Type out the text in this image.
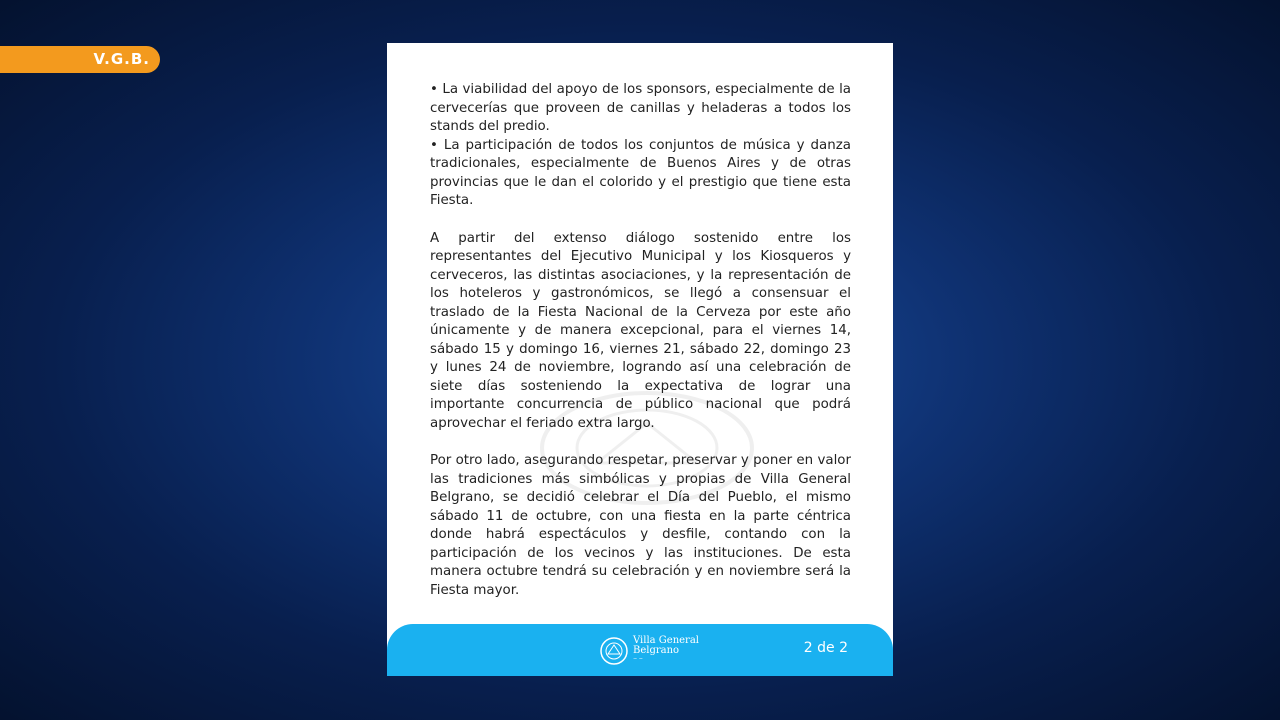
V.G.B.

• La viabilidad del apoyo de los sponsors, especialmente de la cervecerías que proveen de canillas y heladeras a todos los stands del predio.

• La participación de todos los conjuntos de música y danza tradicionales, especialmente de Buenos Aires y de otras provincias que le dan el colorido y el prestigio que tiene esta Fiesta.

A partir del extenso diálogo sostenido entre los representantes del Ejecutivo Municipal y los Kiosqueros y cerveceros, las distintas asociaciones, y la representación de los hoteleros y gastronómicos, se llegó a consensuar el traslado de la Fiesta Nacional de la Cerveza por este año únicamente y de manera excepcional, para el viernes 14, sábado 15 y domingo 16, viernes 21, sábado 22, domingo 23 y lunes 24 de noviembre, logrando así una celebración de siete días sosteniendo la expectativa de lograr una importante concurrencia de público nacional que podrá aprovechar el feriado extra largo.

Por otro lado, asegurando respetar, preservar y poner en valor las tradiciones más simbólicas y propias de Villa General Belgrano, se decidió celebrar el Día del Pueblo, el mismo sábado 11 de octubre, con una fiesta en la parte céntrica donde habrá espectáculos y desfile, contando con la participación de los vecinos y las instituciones. De esta manera octubre tendrá su celebración y en noviembre será la Fiesta mayor.

Villa General
Belgrano
~ ~
2 de 2
